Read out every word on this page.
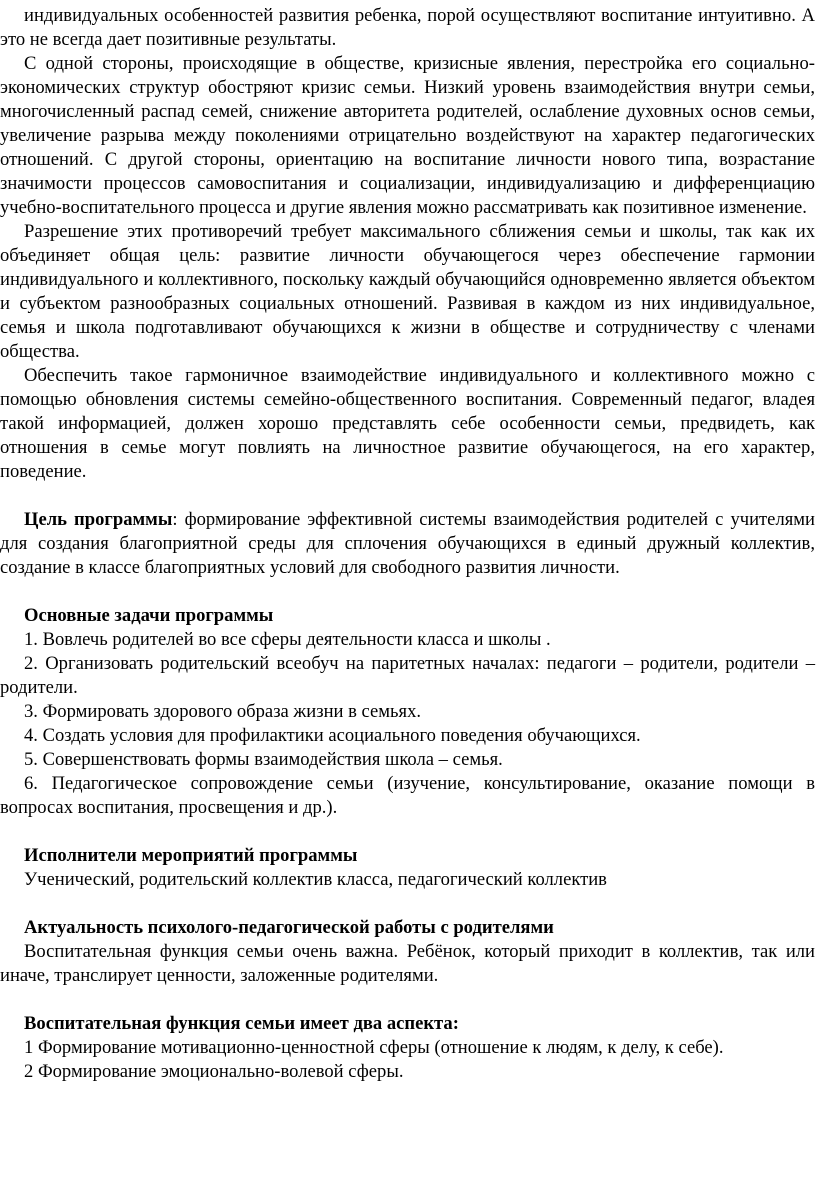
индивидуальных особенностей развития ребенка, порой осуществляют воспитание интуитивно. А это не всегда дает позитивные результаты.

С одной стороны, происходящие в обществе, кризисные явления, перестройка его социально-экономических структур обостряют кризис семьи. Низкий уровень взаимодействия внутри семьи, многочисленный распад семей, снижение авторитета родителей, ослабление духовных основ семьи, увеличение разрыва между поколениями отрицательно воздействуют на характер педагогических отношений. С другой стороны, ориентацию на воспитание личности нового типа, возрастание значимости процессов самовоспитания и социализации, индивидуализацию и дифференциацию учебно-воспитательного процесса и другие явления можно рассматривать как позитивное изменение.

Разрешение этих противоречий требует максимального сближения семьи и школы, так как их объединяет общая цель: развитие личности обучающегося через обеспечение гармонии индивидуального и коллективного, поскольку каждый обучающийся одновременно является объектом и субъектом разнообразных социальных отношений. Развивая в каждом из них индивидуальное, семья и школа подготавливают обучающихся к жизни в обществе и сотрудничеству с членами общества.

Обеспечить такое гармоничное взаимодействие индивидуального и коллективного можно с помощью обновления системы семейно-общественного воспитания. Современный педагог, владея такой информацией, должен хорошо представлять себе особенности семьи, предвидеть, как отношения в семье могут повлиять на личностное развитие обучающегося, на его характер, поведение.

Цель программы: формирование эффективной системы взаимодействия родителей с учителями для создания благоприятной среды для сплочения обучающихся в единый дружный коллектив, создание в классе благоприятных условий для свободного развития личности.

Основные задачи программы

1. Вовлечь родителей во все сферы деятельности класса и школы .

2. Организовать родительский всеобуч на паритетных началах: педагоги – родители, родители – родители.

3. Формировать здорового образа жизни в семьях.

4. Создать условия для профилактики асоциального поведения обучающихся.

5. Совершенствовать формы взаимодействия школа – семья.

6. Педагогическое сопровождение семьи (изучение, консультирование, оказание помощи в вопросах воспитания, просвещения и др.).

Исполнители мероприятий программы

Ученический, родительский коллектив класса, педагогический коллектив

Актуальность психолого-педагогической работы с родителями

Воспитательная функция семьи очень важна. Ребёнок, который приходит в коллектив, так или иначе, транслирует ценности, заложенные родителями.

Воспитательная функция семьи имеет два аспекта:

1 Формирование мотивационно-ценностной сферы (отношение к людям, к делу, к себе).

2 Формирование эмоционально-волевой сферы.
